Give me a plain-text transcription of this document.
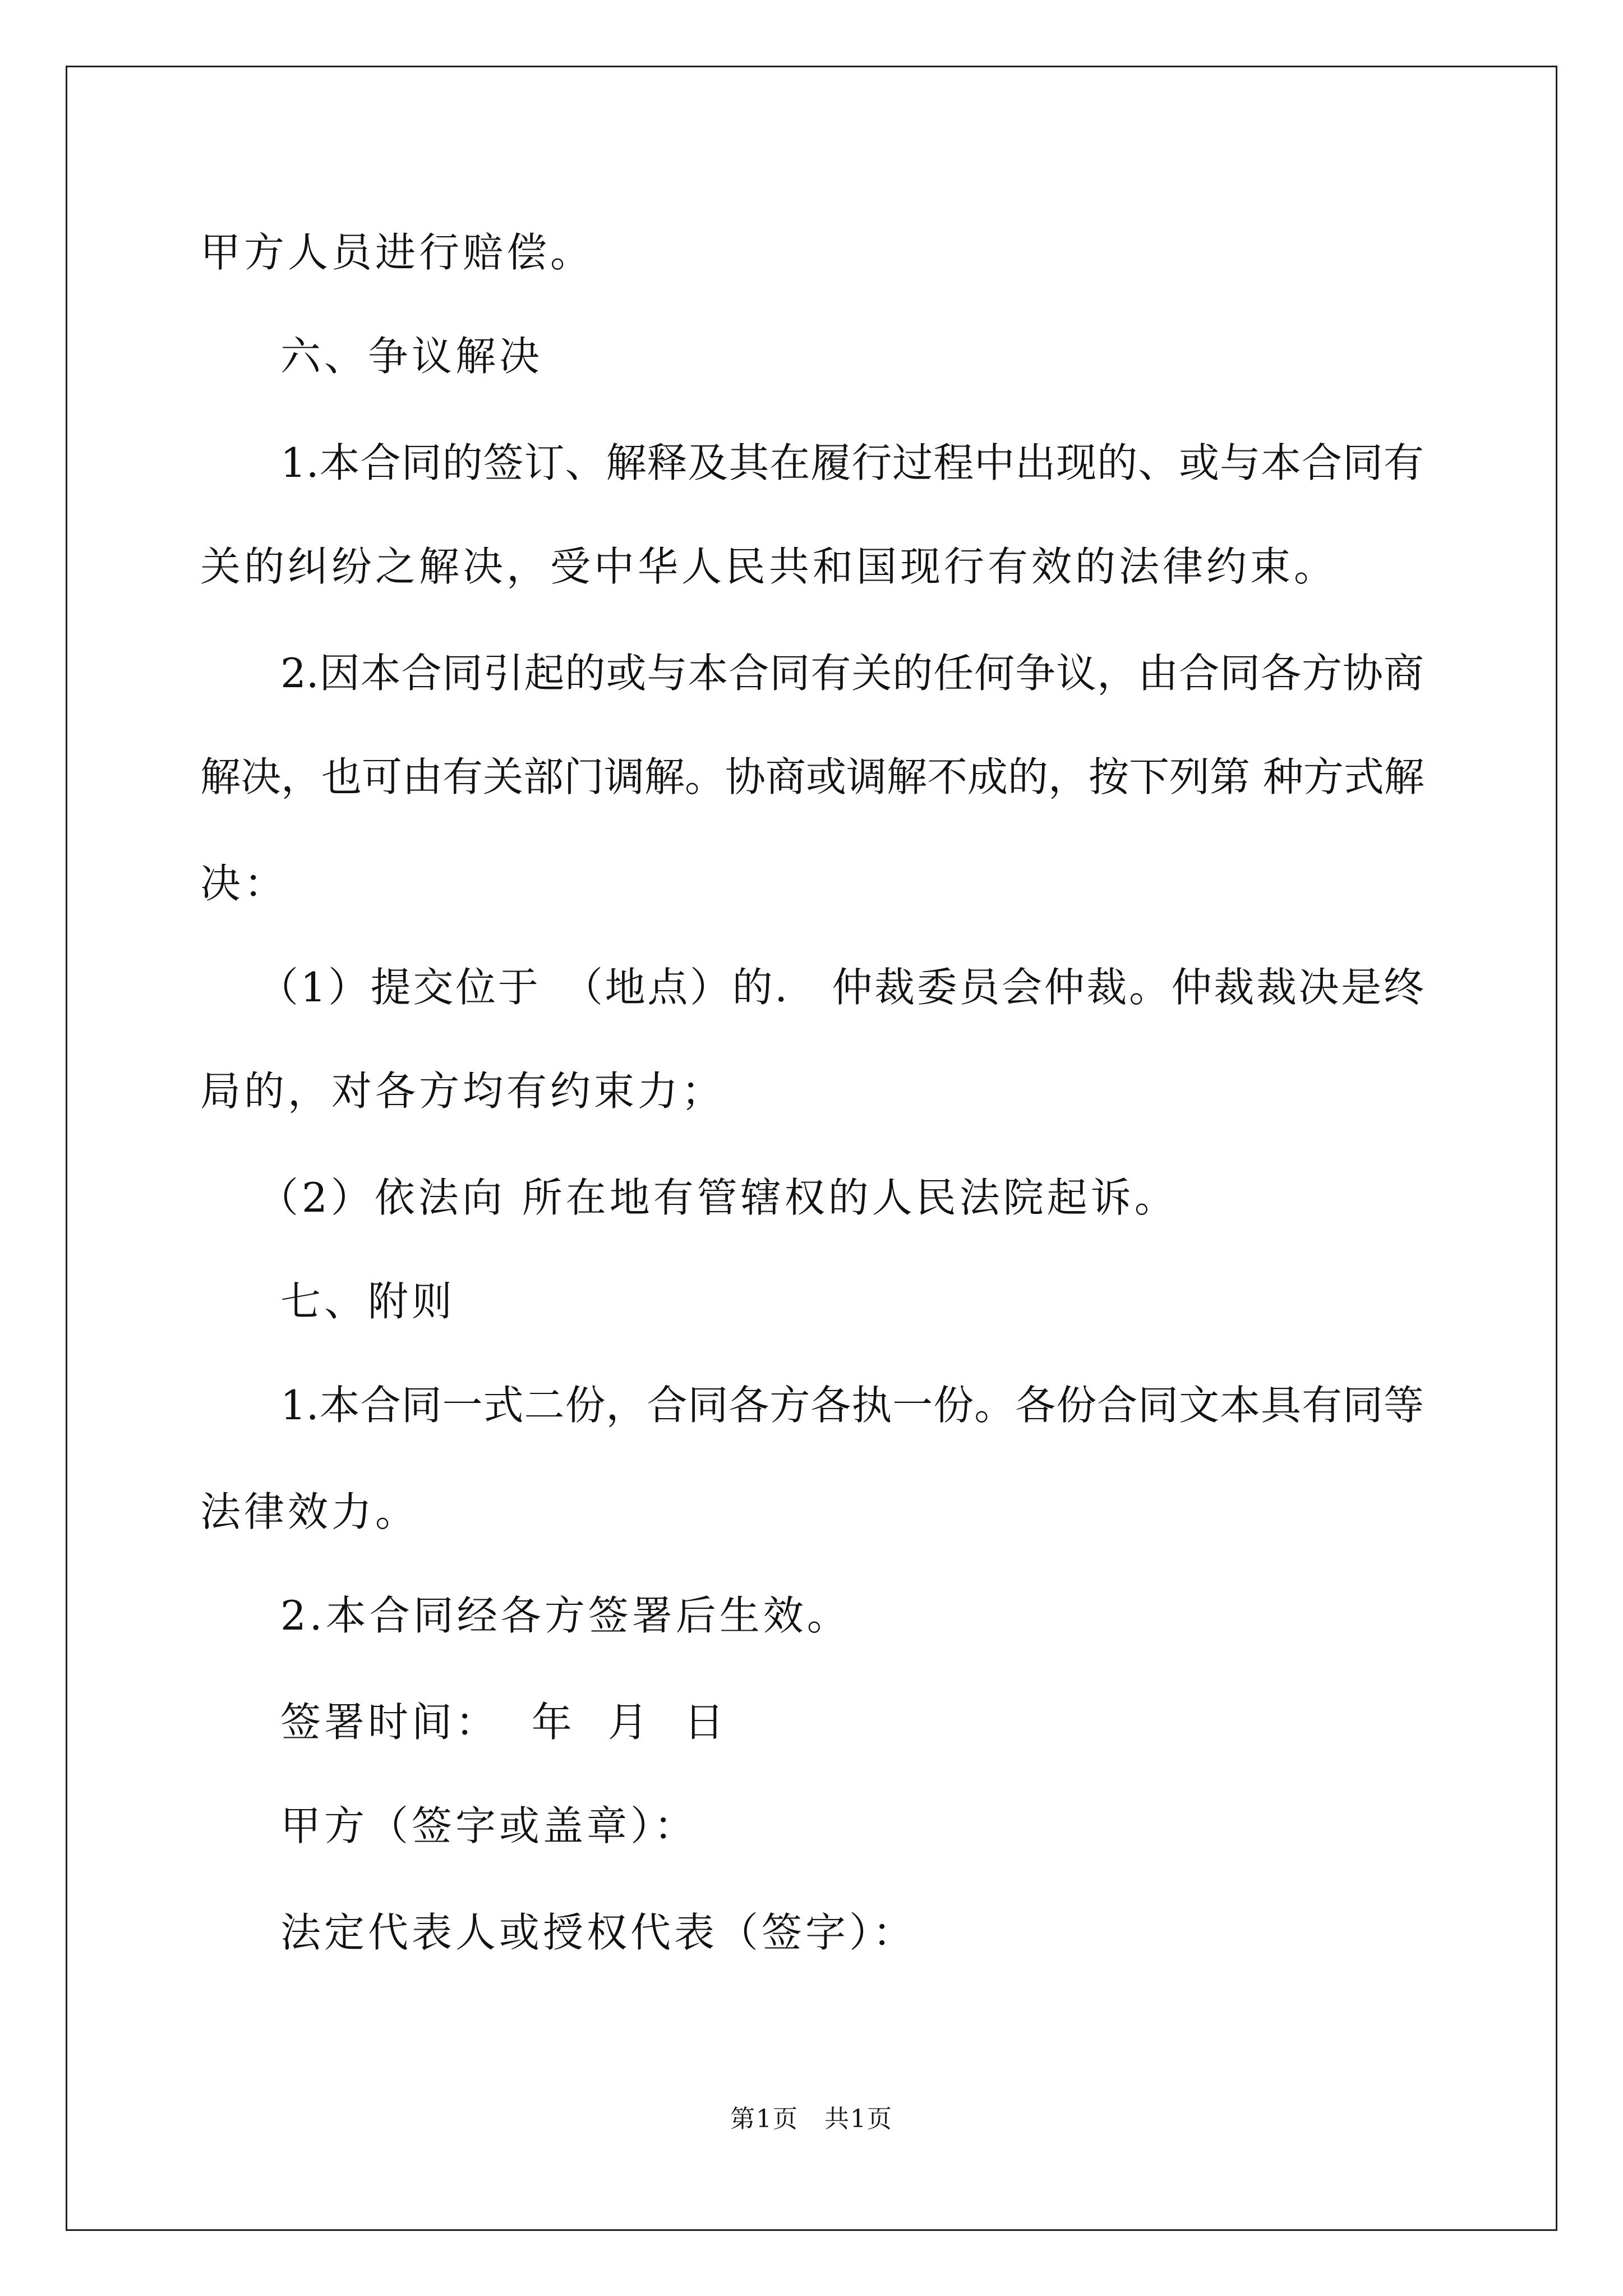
甲方人员进行赔偿。
六、争议解决
1.本合同的签订、解释及其在履行过程中出现的、或与本合同有
关的纠纷之解决，受中华人民共和国现行有效的法律约束。
2.因本合同引起的或与本合同有关的任何争议，由合同各方协商
解决，也可由有关部门调解。协商或调解不成的，按下列第 种方式解
决：
（1）提交位于　（地点）的.　仲裁委员会仲裁。仲裁裁决是终
局的，对各方均有约束力；
（2）依法向 所在地有管辖权的人民法院起诉。
七、附则
1.本合同一式二份，合同各方各执一份。各份合同文本具有同等
法律效力。
2.本合同经各方签署后生效。
签署时间：  年  月  日
甲方（签字或盖章）：
法定代表人或授权代表（签字）：
第1页　共1页
